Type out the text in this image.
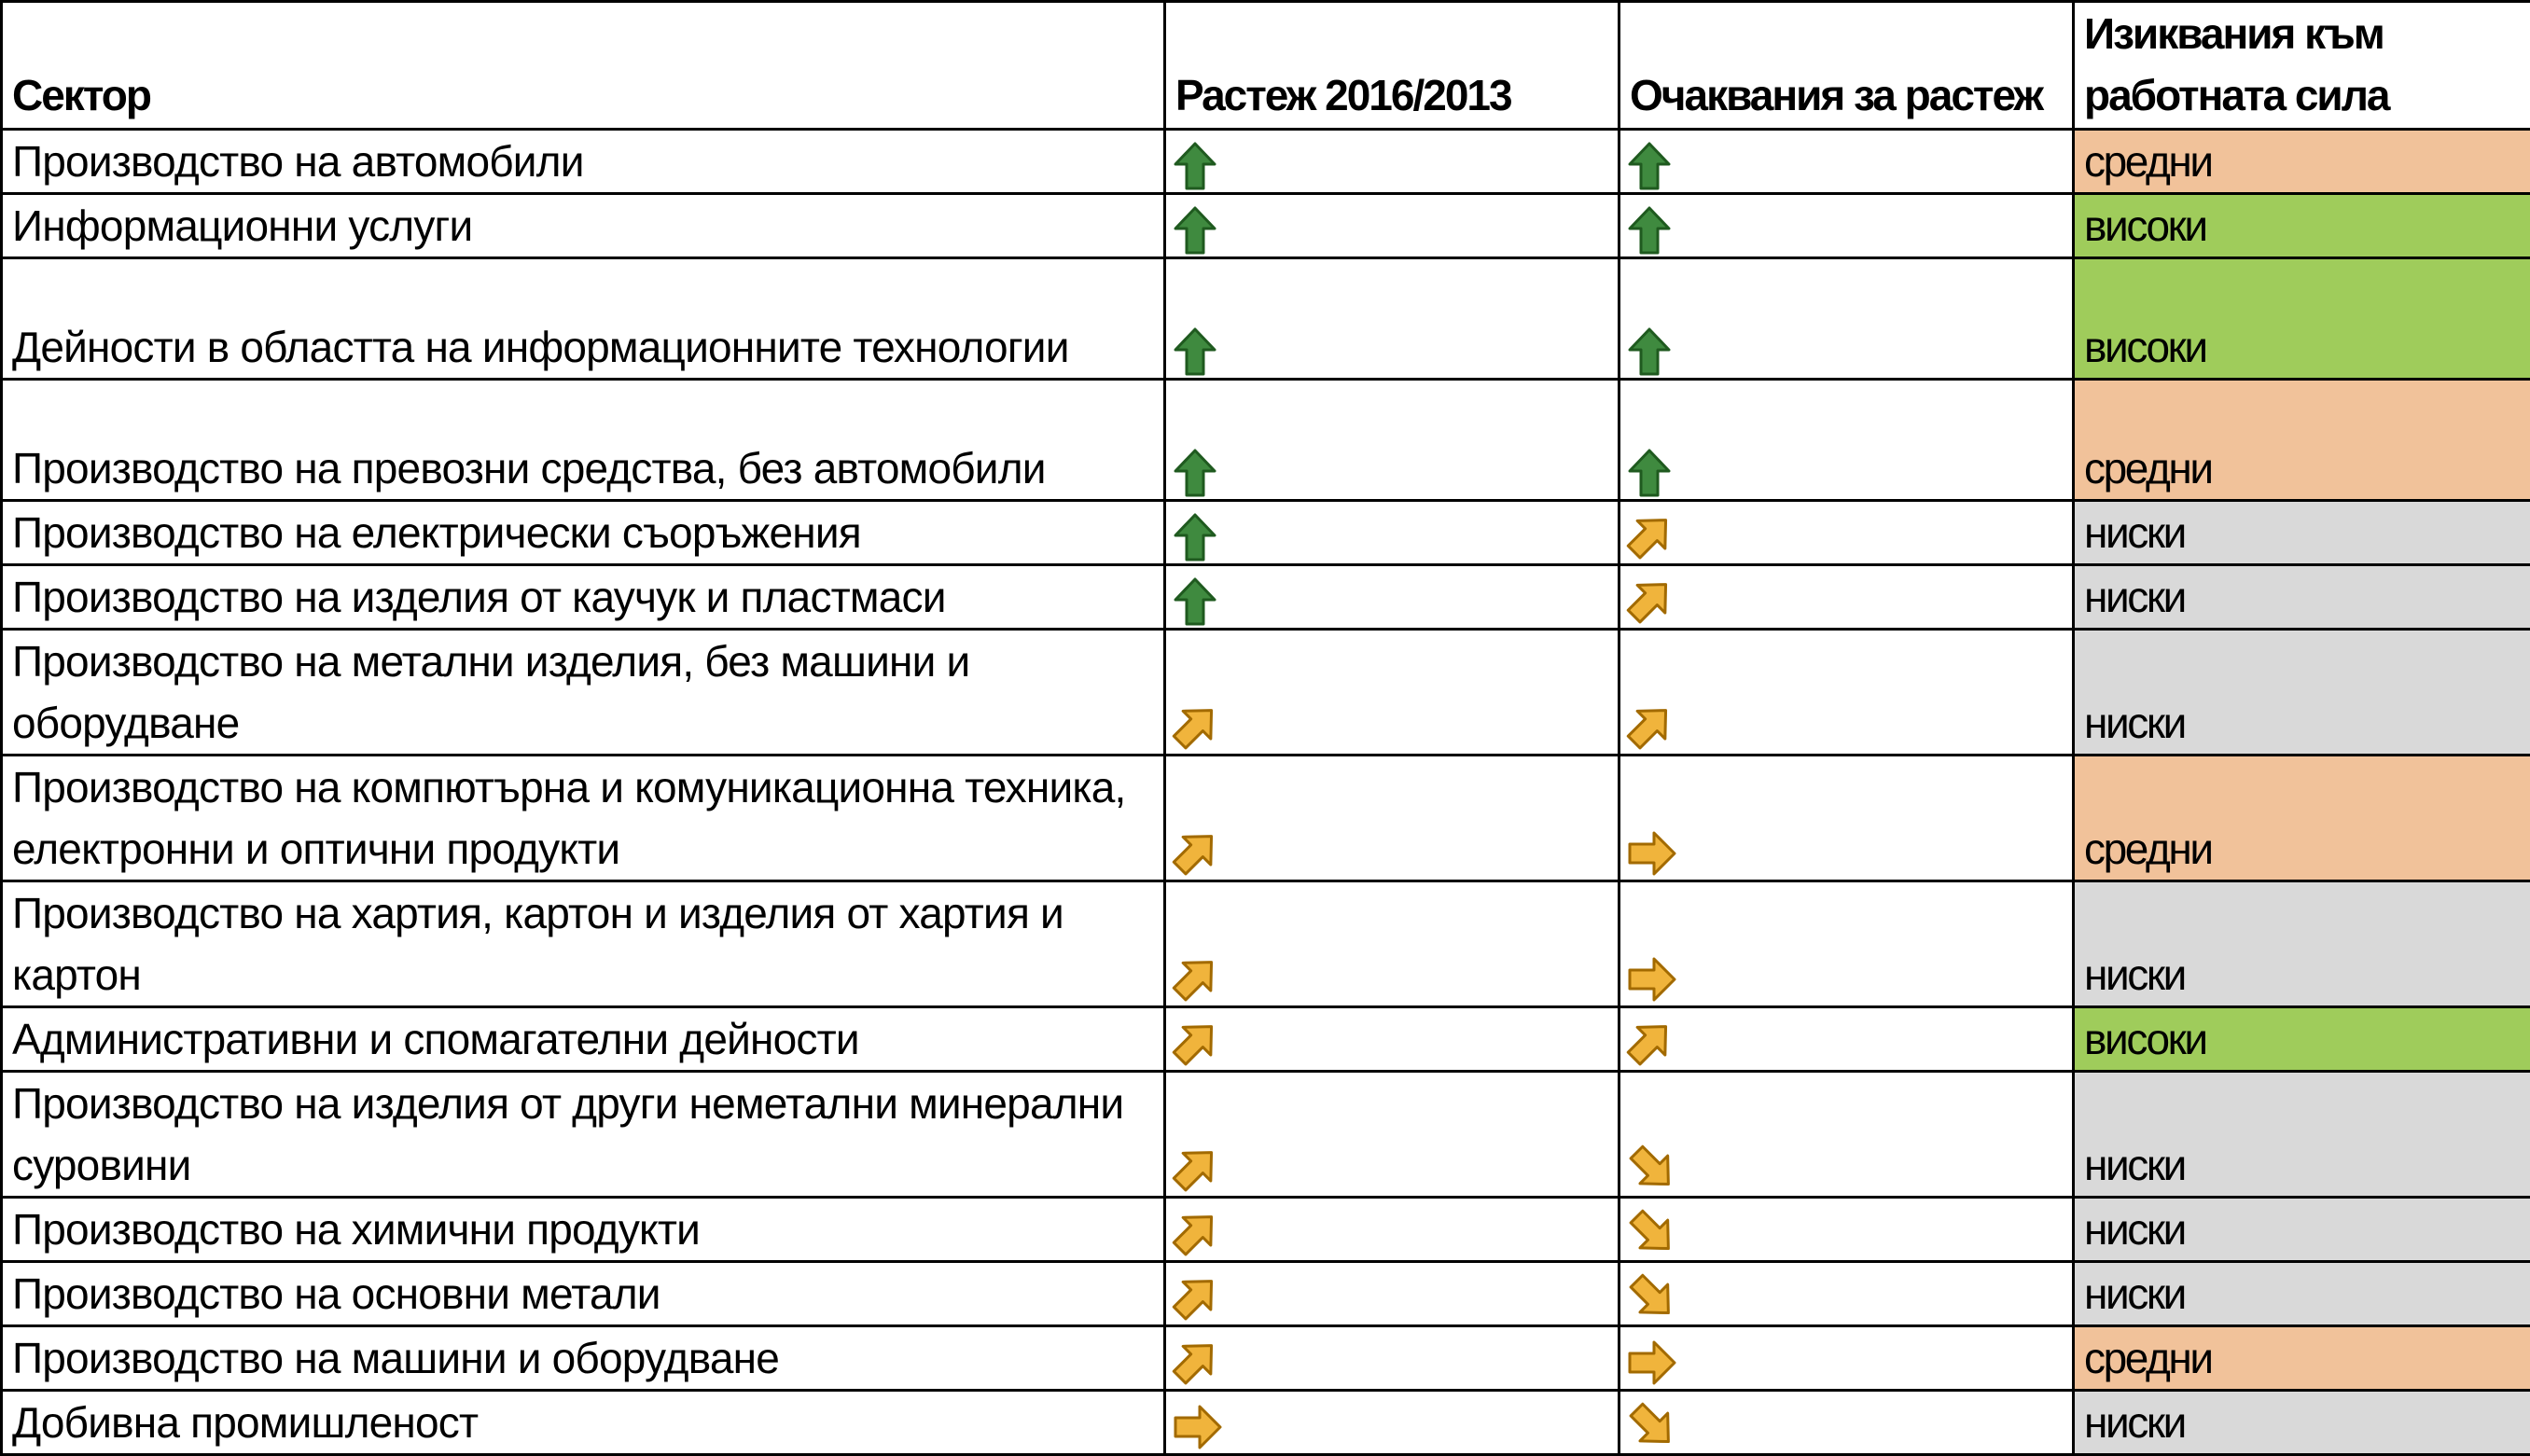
Сектор	Растеж 2016/2013	Очаквания за растеж	Изиквания към работната сила
Производство на автомобили			средни
Информационни услуги			високи
Дейности в областта на информационните технологии			високи
Производство на превозни средства, без автомобили			средни
Производство на електрически съоръжения			ниски
Производство на изделия от каучук и пластмаси			ниски
Производство на метални изделия, без машини и оборудване			ниски
Производство на компютърна и комуникационна техника, електронни и оптични продукти			средни
Производство на хартия, картон и изделия от хартия и картон			ниски
Административни и спомагателни дейности			високи
Производство на изделия от други неметални минерални суровини			ниски
Производство на химични продукти			ниски
Производство на основни метали			ниски
Производство на машини и оборудване			средни
Добивна промишленост			ниски
